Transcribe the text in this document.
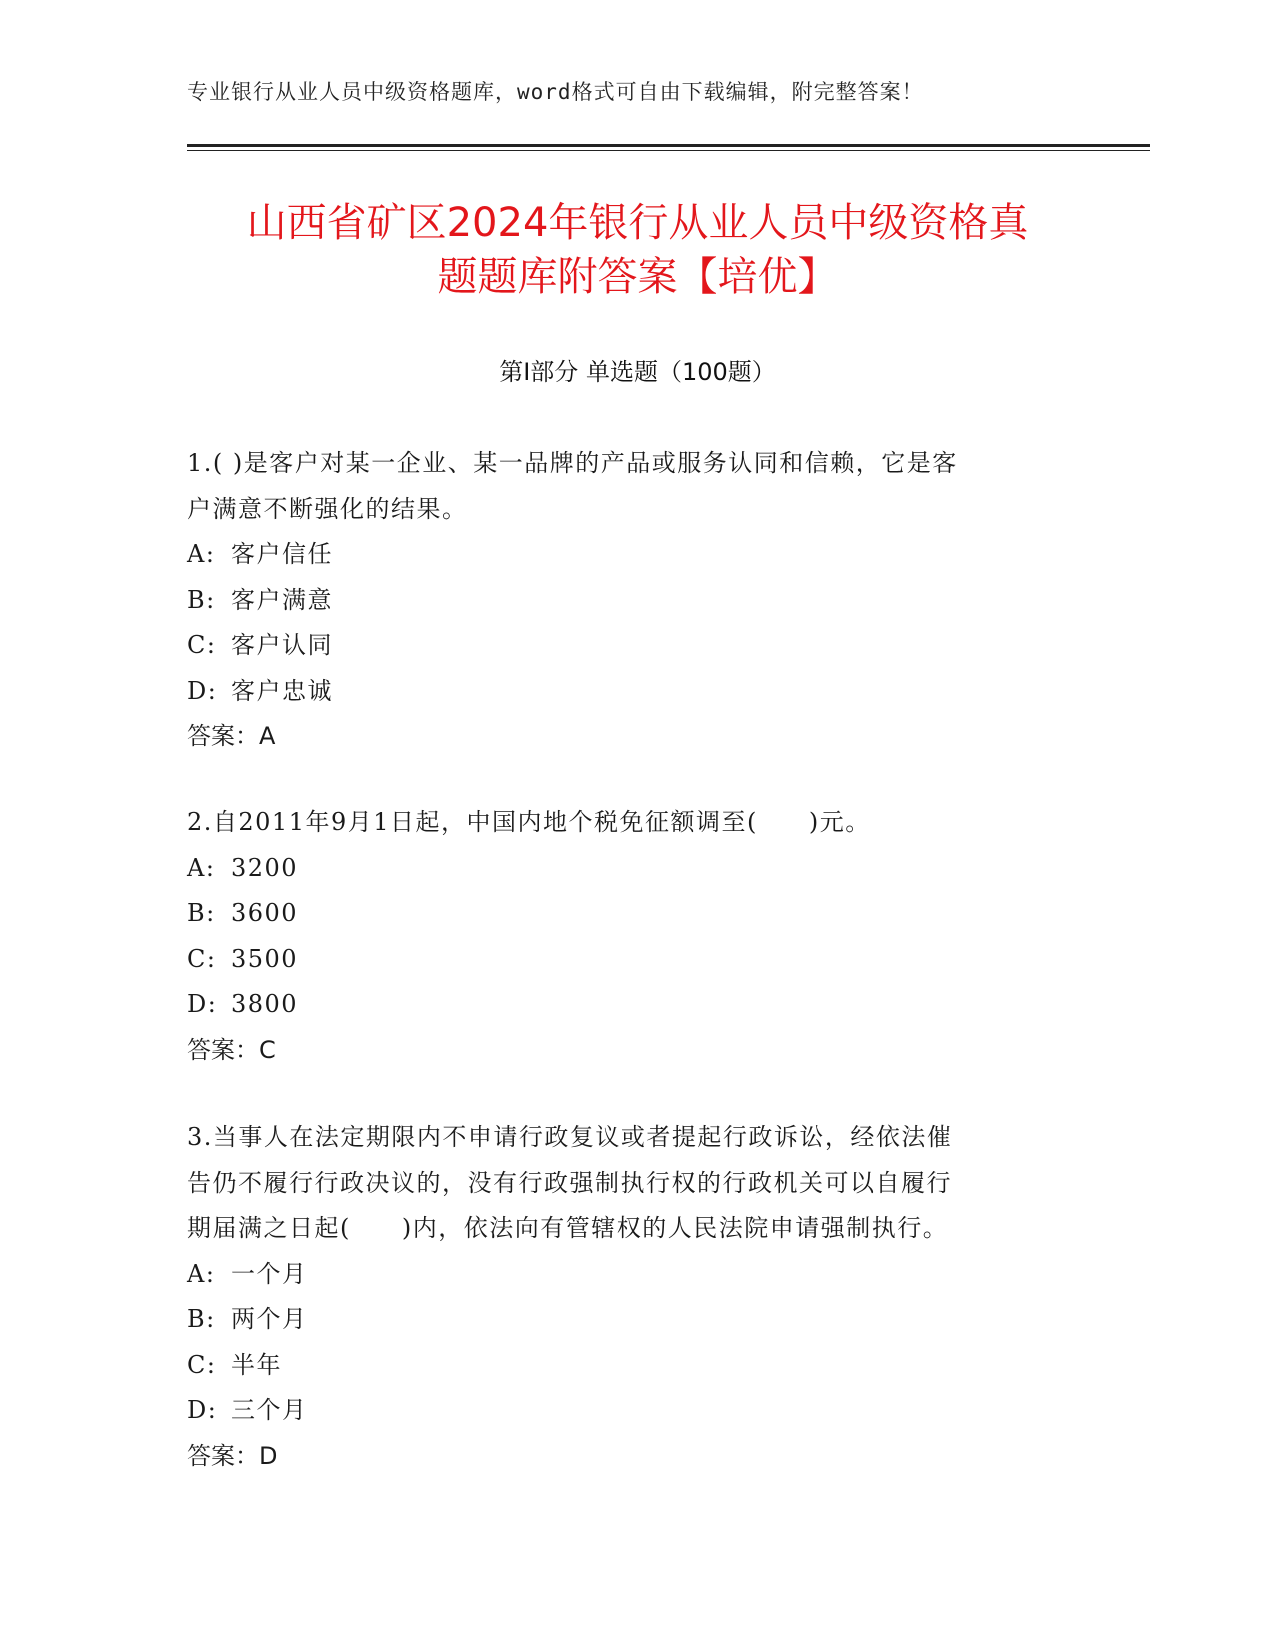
专业银行从业人员中级资格题库，word格式可自由下载编辑，附完整答案！
山西省矿区2024年银行从业人员中级资格真
题题库附答案【培优】
第Ⅰ部分 单选题（100题）

1.( )是客户对某一企业、某一品牌的产品或服务认同和信赖，它是客

户满意不断强化的结果。

A: 客户信任

B: 客户满意

C: 客户认同

D: 客户忠诚

答案：A

2.自2011年9月1日起，中国内地个税免征额调至(　　)元。

A: 3200

B: 3600

C: 3500

D: 3800

答案：C

3.当事人在法定期限内不申请行政复议或者提起行政诉讼，经依法催

告仍不履行行政决议的，没有行政强制执行权的行政机关可以自履行

期届满之日起(　　)内，依法向有管辖权的人民法院申请强制执行。

A: 一个月

B: 两个月

C: 半年

D: 三个月

答案：D
